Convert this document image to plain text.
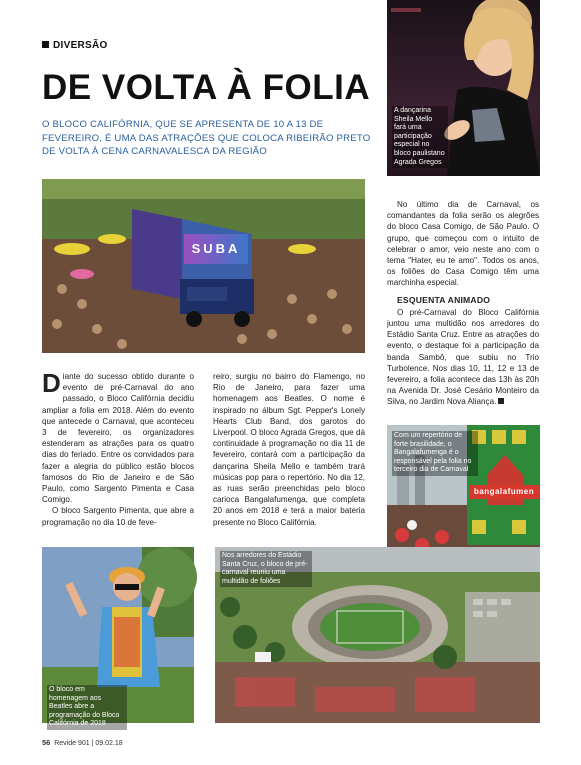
DIVERSÃO
DE VOLTA À FOLIA
O BLOCO CALIFÓRNIA, QUE SE APRESENTA DE 10 A 13 DE FEVEREIRO, É UMA DAS ATRAÇÕES QUE COLOCA RIBEIRÃO PRETO DE VOLTA À CENA CARNAVALESCA DA REGIÃO
A dançarina Sheila Mello fará uma participação especial no bloco paulistano Agrada Gregos
SUBA

Diante do sucesso obtido durante o evento de pré-Carnaval do ano passado, o Bloco Califórnia decidiu ampliar a folia em 2018. Além do evento que antecede o Carnaval, que aconteceu 3 de fevereiro, os organizadores estenderam as atrações para os quatro dias do feriado. Entre os convidados para fazer a alegria do público estão blocos famosos do Rio de Janeiro e de São Paulo, como Sargento Pimenta e Casa Comigo.

O bloco Sargento Pimenta, que abre a programação no dia 10 de feve-

reiro, surgiu no bairro do Flamengo, no Rio de Janeiro, para fazer uma homenagem aos Beatles. O nome é inspirado no álbum Sgt. Pepper's Lonely Hearts Club Band, dos garotos do Liverpool. O bloco Agrada Gregos, que dá continuidade à programação no dia 11 de fevereiro, contará com a participação da dançarina Sheila Mello e também trará músicas pop para o repertório. No dia 12, as ruas serão preenchidas pelo bloco carioca Bangalafumenga, que completa 20 anos em 2018 e terá a maior bateria presente no Bloco Califórnia.

No último dia de Carnaval, os comandantes da folia serão os alegrões do bloco Casa Comigo, de São Paulo. O grupo, que começou com o intuito de celebrar o amor, veio neste ano com o tema "Hater, eu te amo". Todos os anos, os foliões do Casa Comigo têm uma marchinha especial.

ESQUENTA ANIMADO

O pré-Carnaval do Bloco Califórnia juntou uma multidão nos arredores do Estádio Santa Cruz. Entre as atrações do evento, o destaque foi a participação da banda Sambô, que subiu no Trio Turbolence. Nos dias 10, 11, 12 e 13 de fevereiro, a folia acontece das 13h às 20h na Avenida Dr. José Cesário Monteiro da Silva, no Jardim Nova Aliança.

bangalafumen
Com um repertório de forte brasilidade, o Bangalafumenga é o responsável pela folia no terceiro dia de Carnaval
O bloco em homenagem aos Beatles abre a programação do Bloco Califórnia de 2018
Nos arredores do Estádio Santa Cruz, o bloco de pré-carnaval reuniu uma multidão de foliões
56 Revide 901 | 09.02.18
